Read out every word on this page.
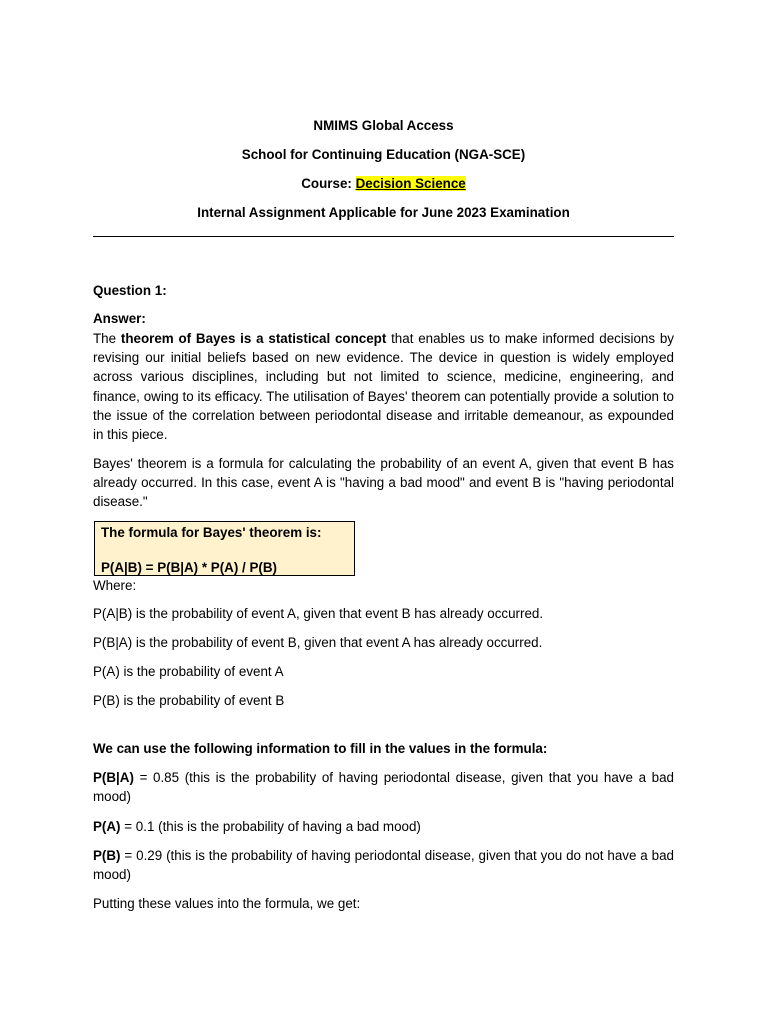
NMIMS Global Access
School for Continuing Education (NGA-SCE)
Course: Decision Science
Internal Assignment Applicable for June 2023 Examination
Question 1:
Answer:
The theorem of Bayes is a statistical concept that enables us to make informed decisions by revising our initial beliefs based on new evidence. The device in question is widely employed across various disciplines, including but not limited to science, medicine, engineering, and finance, owing to its efficacy. The utilisation of Bayes' theorem can potentially provide a solution to the issue of the correlation between periodontal disease and irritable demeanour, as expounded in this piece.
Bayes' theorem is a formula for calculating the probability of an event A, given that event B has already occurred. In this case, event A is "having a bad mood" and event B is "having periodontal disease."
The formula for Bayes' theorem is:
P(A|B) = P(B|A) * P(A) / P(B)
Where:
P(A|B) is the probability of event A, given that event B has already occurred.
P(B|A) is the probability of event B, given that event A has already occurred.
P(A) is the probability of event A
P(B) is the probability of event B
We can use the following information to fill in the values in the formula:
P(B|A) = 0.85 (this is the probability of having periodontal disease, given that you have a bad mood)
P(A) = 0.1 (this is the probability of having a bad mood)
P(B) = 0.29 (this is the probability of having periodontal disease, given that you do not have a bad mood)
Putting these values into the formula, we get:
